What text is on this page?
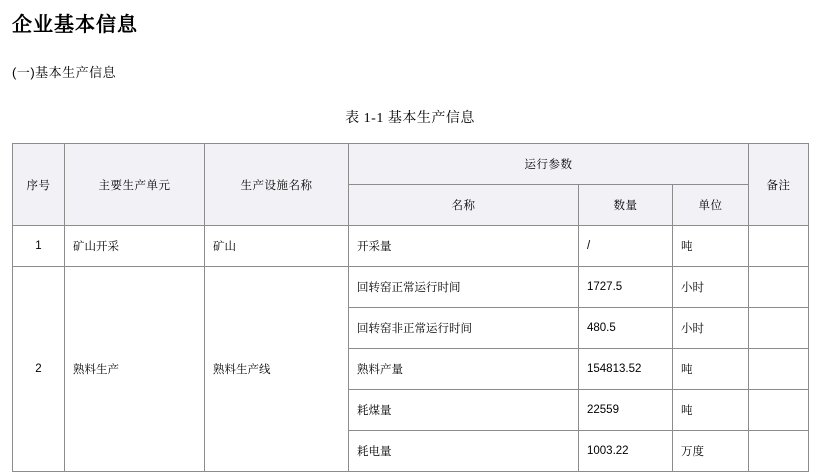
企业基本信息
(一)基本生产信息
表 1-1 基本生产信息
序号	主要生产单元	生产设施名称	运行参数			备注
			名称	数量	单位	
1	矿山开采	矿山	开采量	/	吨	
2	熟料生产	熟料生产线	回转窑正常运行时间	1727.5	小时	
			回转窑非正常运行时间	480.5	小时	
			熟料产量	154813.52	吨	
			耗煤量	22559	吨	
			耗电量	1003.22	万度	
